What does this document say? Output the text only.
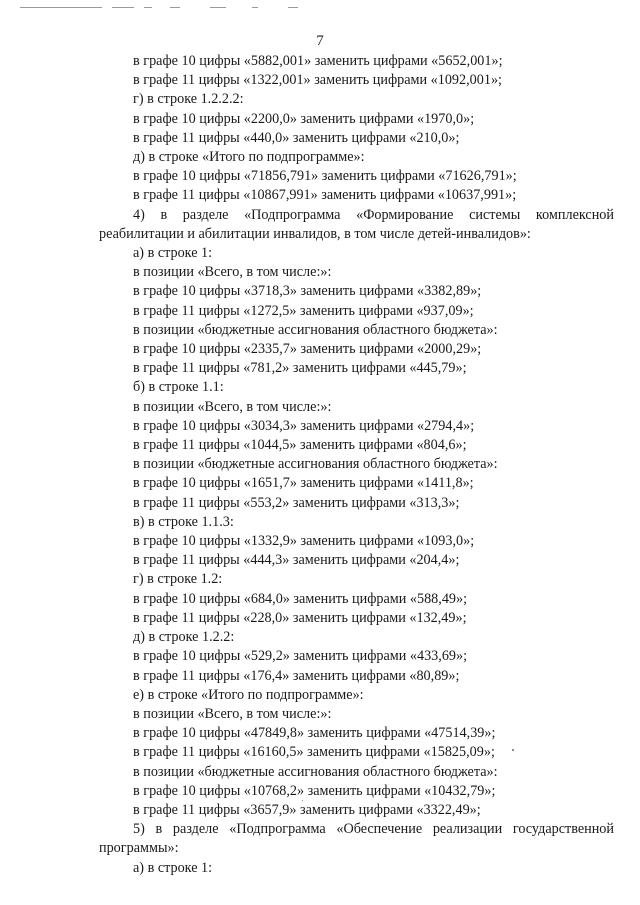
7
в графе 10 цифры «5882,001» заменить цифрами «5652,001»;
в графе 11 цифры «1322,001» заменить цифрами «1092,001»;
г) в строке 1.2.2.2:
в графе 10 цифры «2200,0» заменить цифрами «1970,0»;
в графе 11 цифры «440,0» заменить цифрами «210,0»;
д) в строке «Итого по подпрограмме»:
в графе 10 цифры «71856,791» заменить цифрами «71626,791»;
в графе 11 цифры «10867,991» заменить цифрами «10637,991»;
4) в разделе «Подпрограмма «Формирование системы комплексной реабилитации и абилитации инвалидов, в том числе детей-инвалидов»:
а) в строке 1:
в позиции «Всего, в том числе:»:
в графе 10 цифры «3718,3» заменить цифрами «3382,89»;
в графе 11 цифры «1272,5» заменить цифрами «937,09»;
в позиции «бюджетные ассигнования областного бюджета»:
в графе 10 цифры «2335,7» заменить цифрами «2000,29»;
в графе 11 цифры «781,2» заменить цифрами «445,79»;
б) в строке 1.1:
в позиции «Всего, в том числе:»:
в графе 10 цифры «3034,3» заменить цифрами «2794,4»;
в графе 11 цифры «1044,5» заменить цифрами «804,6»;
в позиции «бюджетные ассигнования областного бюджета»:
в графе 10 цифры «1651,7» заменить цифрами «1411,8»;
в графе 11 цифры «553,2» заменить цифрами «313,3»;
в) в строке 1.1.3:
в графе 10 цифры «1332,9» заменить цифрами «1093,0»;
в графе 11 цифры «444,3» заменить цифрами «204,4»;
г) в строке 1.2:
в графе 10 цифры «684,0» заменить цифрами «588,49»;
в графе 11 цифры «228,0» заменить цифрами «132,49»;
д) в строке 1.2.2:
в графе 10 цифры «529,2» заменить цифрами «433,69»;
в графе 11 цифры «176,4» заменить цифрами «80,89»;
е) в строке «Итого по подпрограмме»:
в позиции «Всего, в том числе:»:
в графе 10 цифры «47849,8» заменить цифрами «47514,39»;
в графе 11 цифры «16160,5» заменить цифрами «15825,09»;
в позиции «бюджетные ассигнования областного бюджета»:
в графе 10 цифры «10768,2» заменить цифрами «10432,79»;
в графе 11 цифры «3657,9» заменить цифрами «3322,49»;
5) в разделе «Подпрограмма «Обеспечение реализации государственной программы»:
а) в строке 1:
